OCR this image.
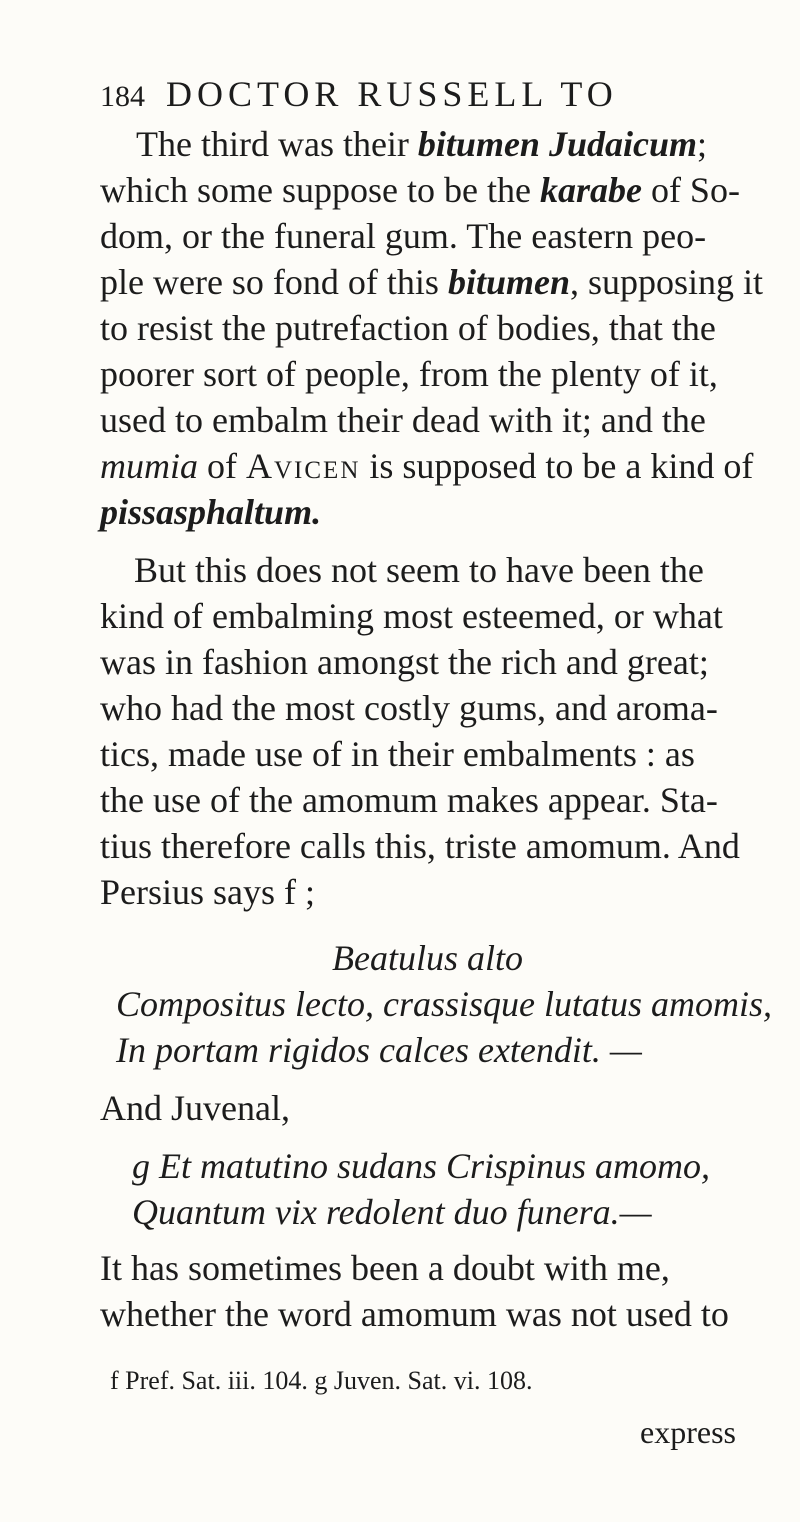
184 DOCTOR RUSSELL TO
The third was their bitumen Judaicum;
which some suppose to be the karabe of So-
dom, or the funeral gum. The eastern peo-
ple were so fond of this bitumen, supposing it
to resist the putrefaction of bodies, that the
poorer sort of people, from the plenty of it,
used to embalm their dead with it; and the
mumia of Avicen is supposed to be a kind of
pissasphaltum.
But this does not seem to have been the
kind of embalming most esteemed, or what
was in fashion amongst the rich and great;
who had the most costly gums, and aroma-
tics, made use of in their embalments : as
the use of the amomum makes appear. Sta-
tius therefore calls this, triste amomum. And
Persius says f ;
Beatulus alto
Compositus lecto, crassisque lutatus amomis,
In portam rigidos calces extendit. —
And Juvenal,
g Et matutino sudans Crispinus amomo,
Quantum vix redolent duo funera.—
It has sometimes been a doubt with me,
whether the word amomum was not used to
f Pref. Sat. iii. 104. g Juven. Sat. vi. 108.
express
